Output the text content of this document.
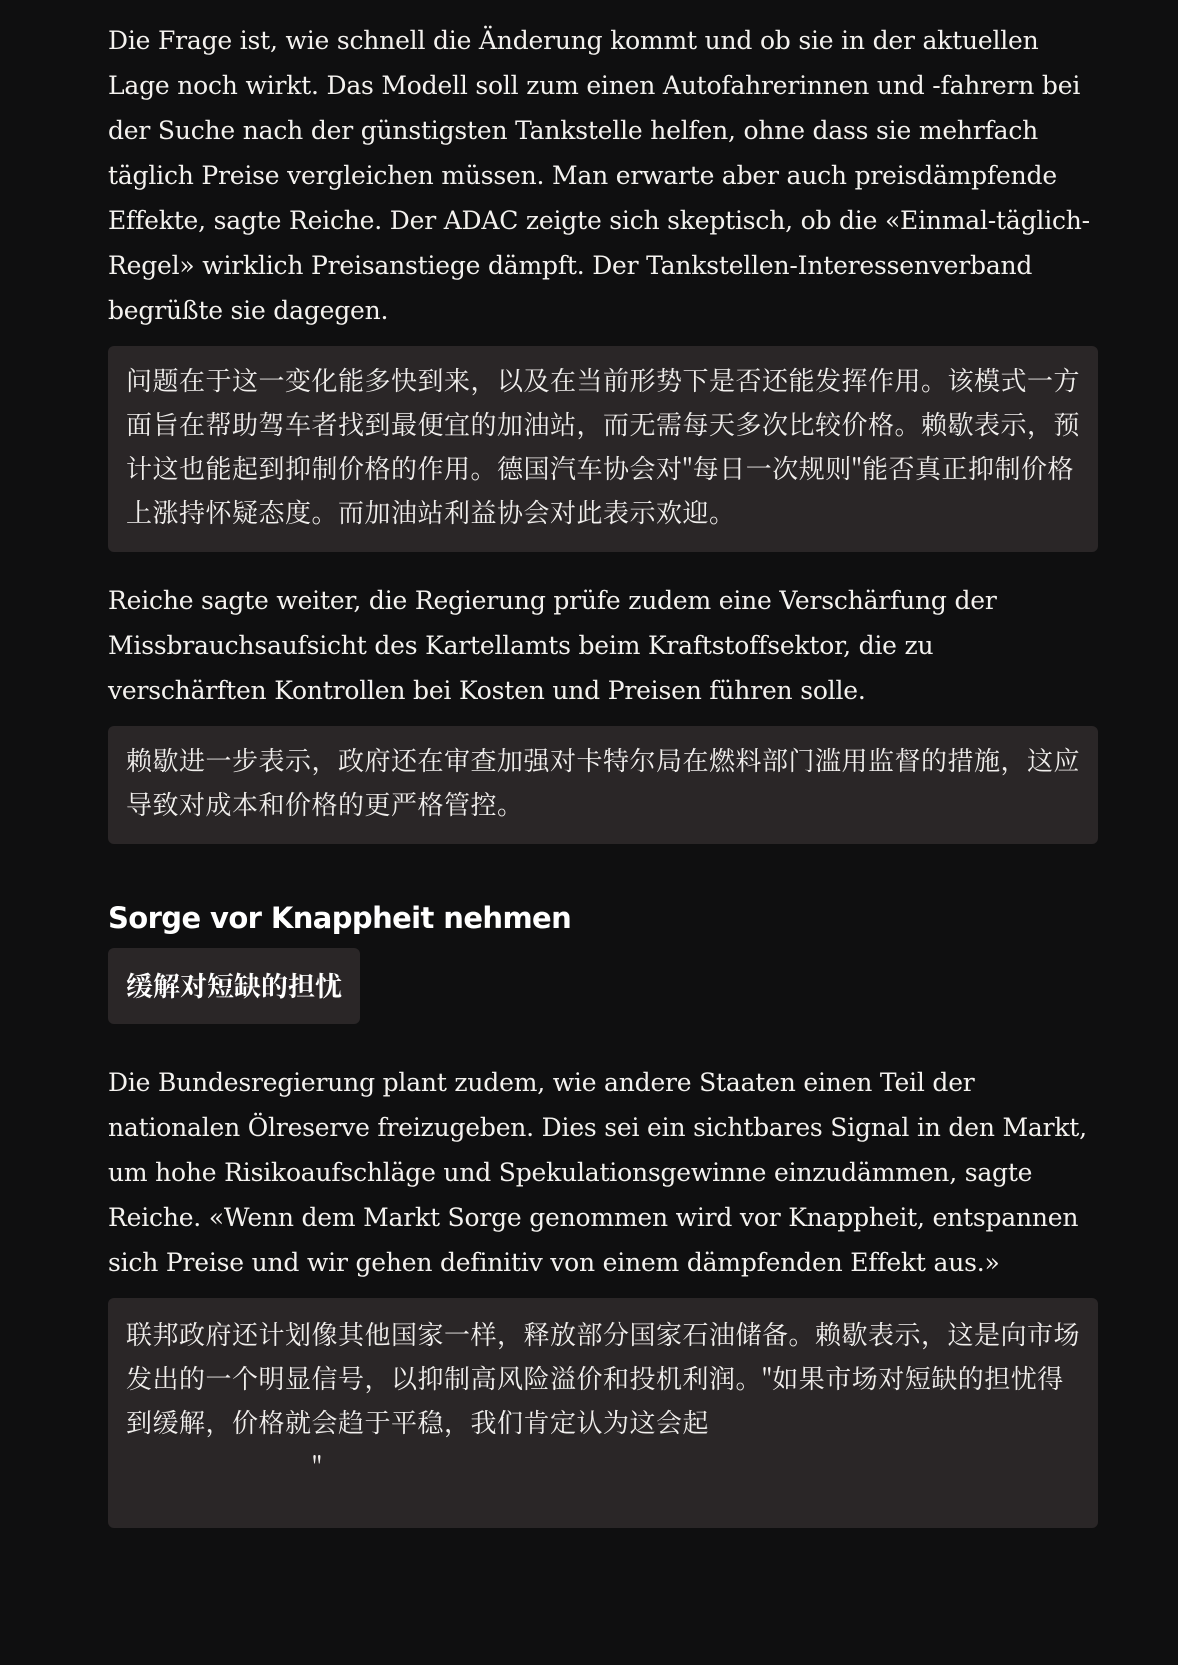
Die Frage ist, wie schnell die Änderung kommt und ob sie in der aktuellen Lage noch wirkt. Das Modell soll zum einen Autofahrerinnen und -fahrern bei der Suche nach der günstigsten Tankstelle helfen, ohne dass sie mehrfach täglich Preise vergleichen müssen. Man erwarte aber auch preisdämpfende Effekte, sagte Reiche. Der ADAC zeigte sich skeptisch, ob die «Einmal-täglich-Regel» wirklich Preisanstiege dämpft. Der Tankstellen-Interessenverband begrüßte sie dagegen.

问题在于这一变化能多快到来，以及在当前形势下是否还能发挥作用。该模式一方面旨在帮助驾车者找到最便宜的加油站，而无需每天多次比较价格。赖歇表示，预计这也能起到抑制价格的作用。德国汽车协会对"每日一次规则"能否真正抑制价格上涨持怀疑态度。而加油站利益协会对此表示欢迎。

Reiche sagte weiter, die Regierung prüfe zudem eine Verschärfung der Missbrauchsaufsicht des Kartellamts beim Kraftstoffsektor, die zu verschärften Kontrollen bei Kosten und Preisen führen solle.

赖歇进一步表示，政府还在审查加强对卡特尔局在燃料部门滥用监督的措施，这应导致对成本和价格的更严格管控。
Sorge vor Knappheit nehmen
缓解对短缺的担忧

Die Bundesregierung plant zudem, wie andere Staaten einen Teil der nationalen Ölreserve freizugeben. Dies sei ein sichtbares Signal in den Markt, um hohe Risikoaufschläge und Spekulationsgewinne einzudämmen, sagte Reiche. «Wenn dem Markt Sorge genommen wird vor Knappheit, entspannen sich Preise und wir gehen definitiv von einem dämpfenden Effekt aus.»

联邦政府还计划像其他国家一样，释放部分国家石油储备。赖歇表示，这是向市场发出的一个明显信号，以抑制高风险溢价和投机利润。"如果市场对短缺的担忧得到缓解，价格就会趋于平稳，我们肯定认为这会起
"
